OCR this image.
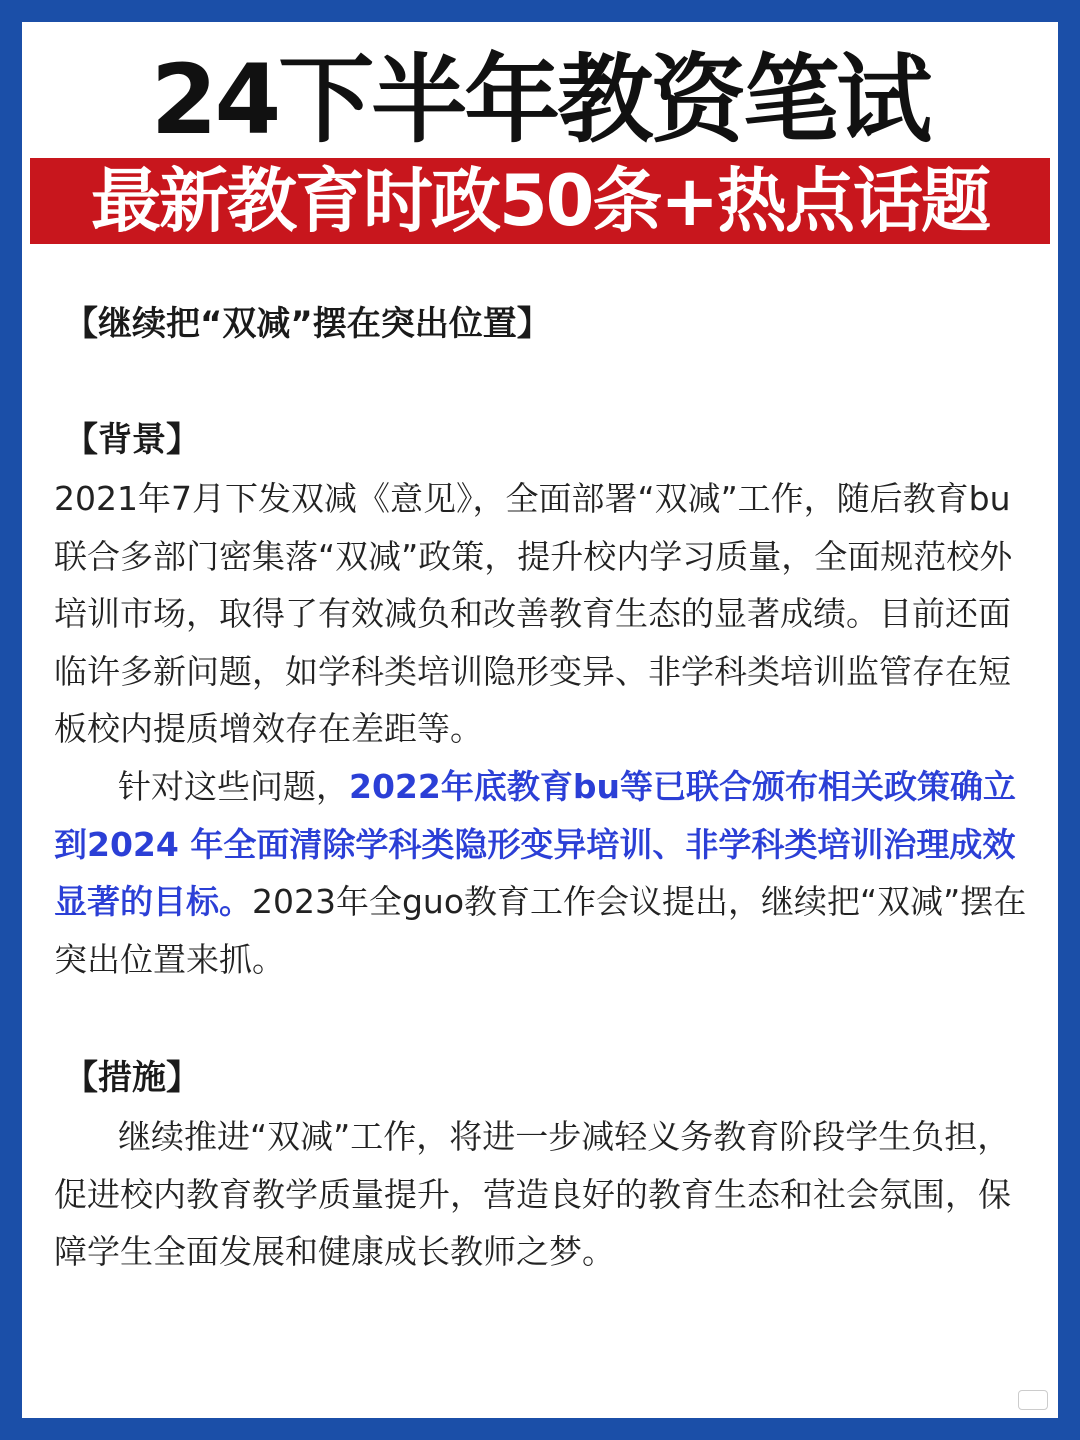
24下半年教资笔试
最新教育时政50条+热点话题
【继续把“双减”摆在突出位置】
【背景】

2021年7月下发双减《意见》，全面部署“双减”工作，随后教育bu联合多部门密集落“双减”政策，提升校内学习质量，全面规范校外培训市场，取得了有效减负和改善教育生态的显著成绩。目前还面临许多新问题，如学科类培训隐形变异、非学科类培训监管存在短板校内提质增效存在差距等。

针对这些问题，2022年底教育bu等已联合颁布相关政策确立到2024 年全面清除学科类隐形变异培训、非学科类培训治理成效显著的目标。2023年全guo教育工作会议提出，继续把“双减”摆在突出位置来抓。

【措施】

继续推进“双减”工作，将进一步减轻义务教育阶段学生负担，促进校内教育教学质量提升，营造良好的教育生态和社会氛围，保障学生全面发展和健康成长教师之梦。
